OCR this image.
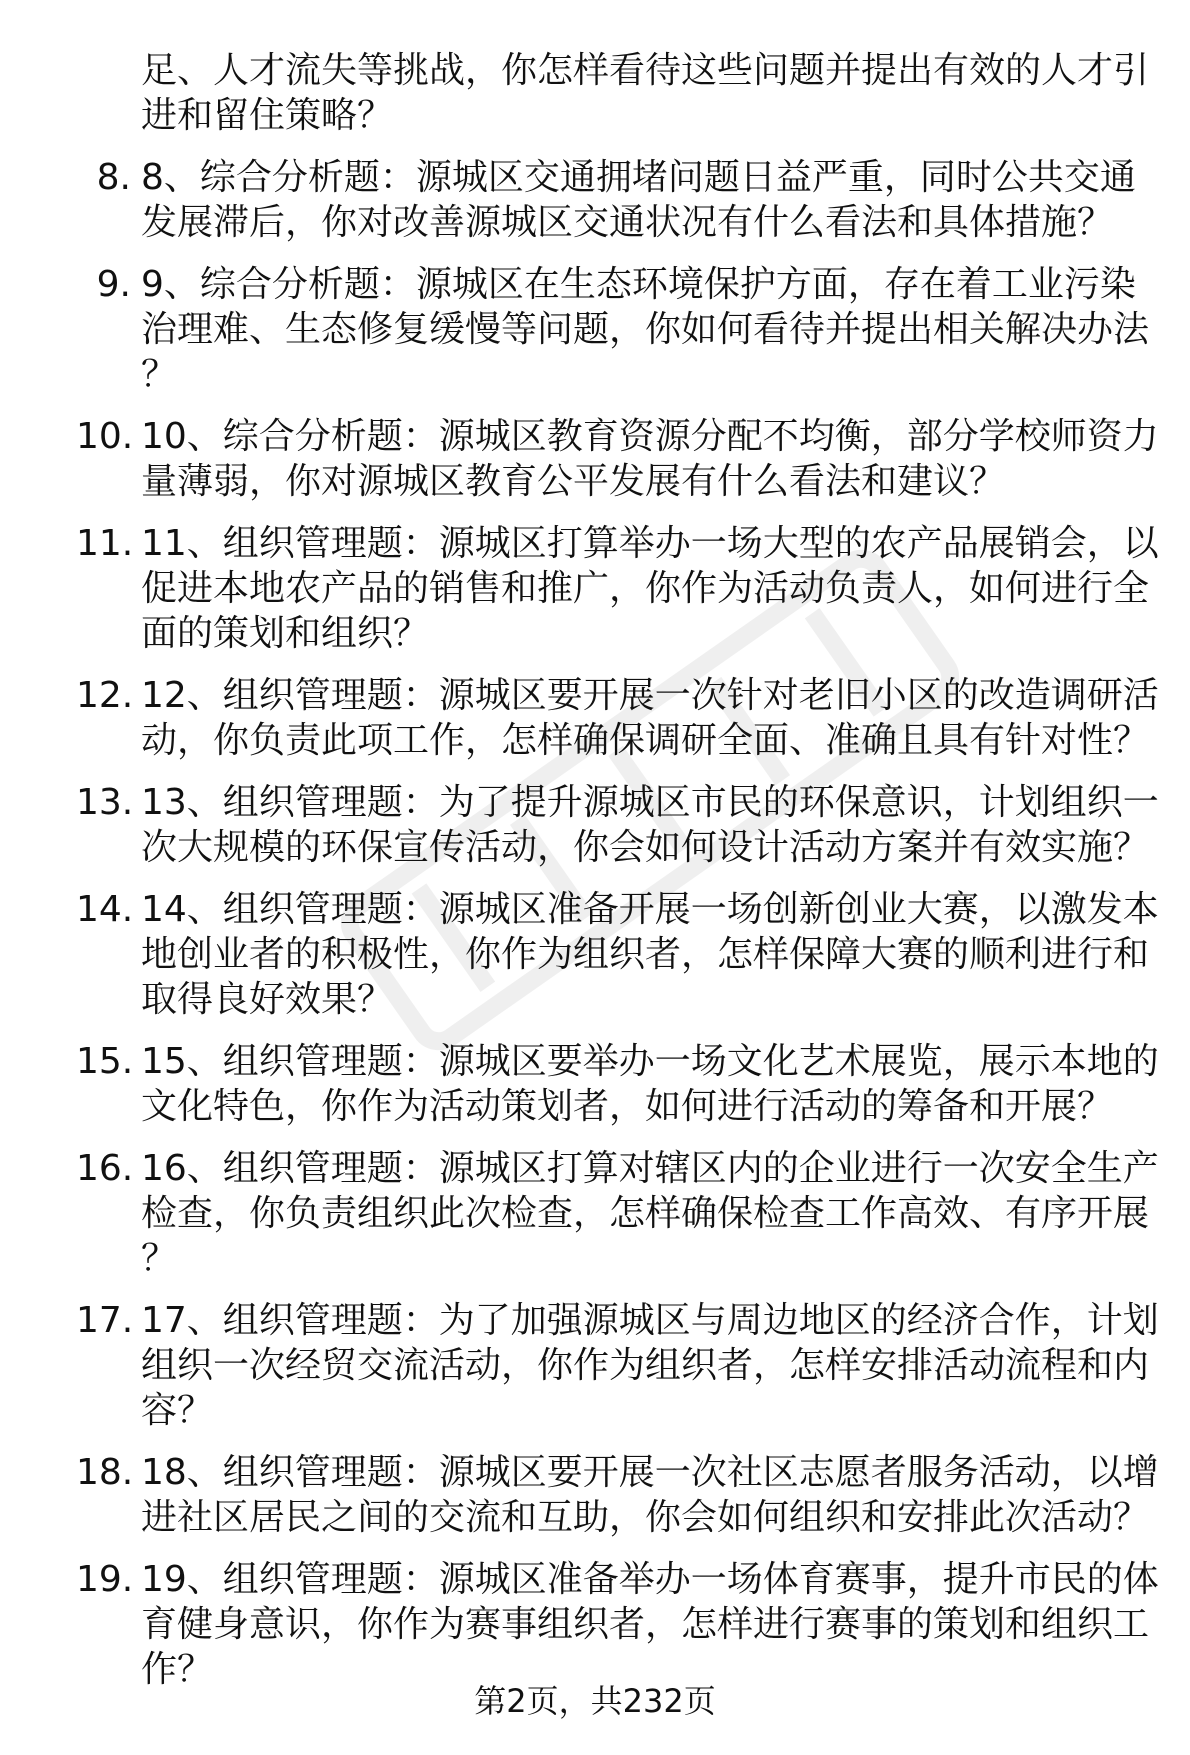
足、人才流失等挑战，你怎样看待这些问题并提出有效的人才引进和留住策略？
8. 8、综合分析题：源城区交通拥堵问题日益严重，同时公共交通发展滞后，你对改善源城区交通状况有什么看法和具体措施？
9. 9、综合分析题：源城区在生态环境保护方面，存在着工业污染治理难、生态修复缓慢等问题，你如何看待并提出相关解决办法？
10. 10、综合分析题：源城区教育资源分配不均衡，部分学校师资力量薄弱，你对源城区教育公平发展有什么看法和建议？
11. 11、组织管理题：源城区打算举办一场大型的农产品展销会，以促进本地农产品的销售和推广，你作为活动负责人，如何进行全面的策划和组织？
12. 12、组织管理题：源城区要开展一次针对老旧小区的改造调研活动，你负责此项工作，怎样确保调研全面、准确且具有针对性？
13. 13、组织管理题：为了提升源城区市民的环保意识，计划组织一次大规模的环保宣传活动，你会如何设计活动方案并有效实施？
14. 14、组织管理题：源城区准备开展一场创新创业大赛，以激发本地创业者的积极性，你作为组织者，怎样保障大赛的顺利进行和取得良好效果？
15. 15、组织管理题：源城区要举办一场文化艺术展览，展示本地的文化特色，你作为活动策划者，如何进行活动的筹备和开展？
16. 16、组织管理题：源城区打算对辖区内的企业进行一次安全生产检查，你负责组织此次检查，怎样确保检查工作高效、有序开展？
17. 17、组织管理题：为了加强源城区与周边地区的经济合作，计划组织一次经贸交流活动，你作为组织者，怎样安排活动流程和内容？
18. 18、组织管理题：源城区要开展一次社区志愿者服务活动，以增进社区居民之间的交流和互助，你会如何组织和安排此次活动？
19. 19、组织管理题：源城区准备举办一场体育赛事，提升市民的体育健身意识，你作为赛事组织者，怎样进行赛事的策划和组织工作？
第2页，共232页
